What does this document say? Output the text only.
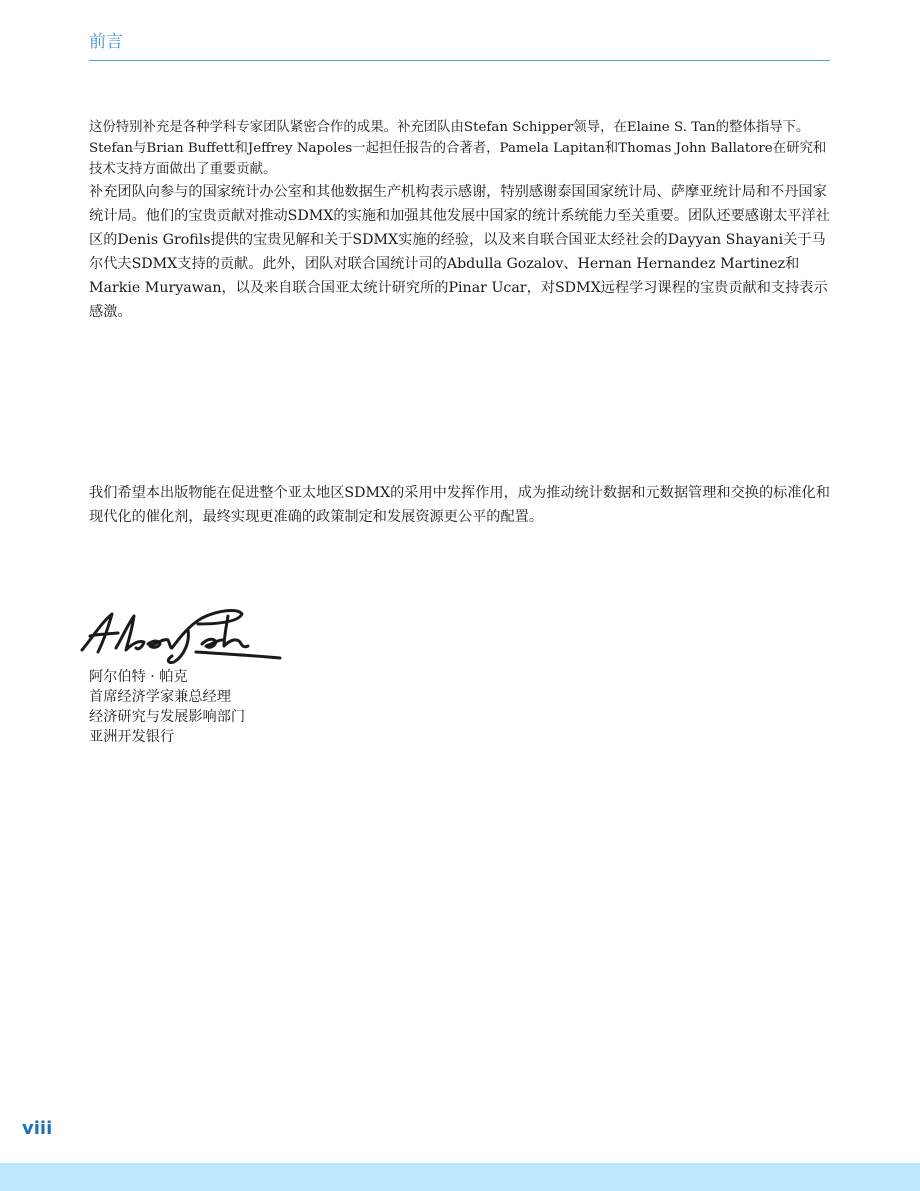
前言

这份特别补充是各种学科专家团队紧密合作的成果。补充团队由Stefan Schipper领导，在Elaine S. Tan的整体指导下。

Stefan与Brian Buffett和Jeffrey Napoles一起担任报告的合著者，Pamela Lapitan和Thomas John Ballatore在研究和技术支持方面做出了重要贡献。

补充团队向参与的国家统计办公室和其他数据生产机构表示感谢，特别感谢泰国国家统计局、萨摩亚统计局和不丹国家统计局。他们的宝贵贡献对推动SDMX的实施和加强其他发展中国家的统计系统能力至关重要。团队还要感谢太平洋社区的Denis Grofils提供的宝贵见解和关于SDMX实施的经验，以及来自联合国亚太经社会的Dayyan Shayani关于马尔代夫SDMX支持的贡献。此外，团队对联合国统计司的Abdulla Gozalov、Hernan Hernandez Martinez和Markie Muryawan，以及来自联合国亚太统计研究所的Pinar Ucar，对SDMX远程学习课程的宝贵贡献和支持表示感激。

我们希望本出版物能在促进整个亚太地区SDMX的采用中发挥作用，成为推动统计数据和元数据管理和交换的标准化和现代化的催化剂，最终实现更准确的政策制定和发展资源更公平的配置。

阿尔伯特 · 帕克
首席经济学家兼总经理
经济研究与发展影响部门
亚洲开发银行
viii
